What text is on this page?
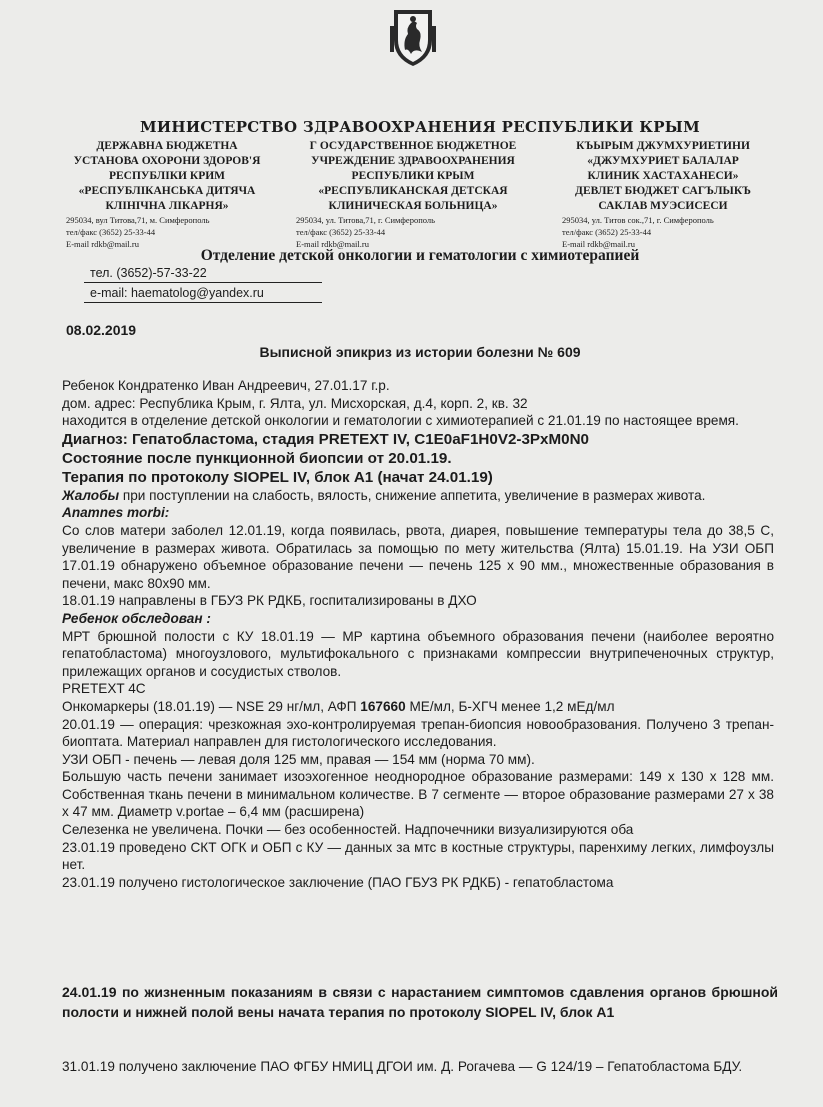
МИНИСТЕРСТВО ЗДРАВООХРАНЕНИЯ РЕСПУБЛИКИ КРЫМ
ДЕРЖАВНА БЮДЖЕТНА
УСТАНОВА ОХОРОНИ ЗДОРОВ'Я
РЕСПУБЛІКИ КРИМ
«РЕСПУБЛІКАНСЬКА ДИТЯЧА
КЛІНІЧНА ЛІКАРНЯ»
295034, вул Титова,71, м. Симферополь
тел/факс (3652) 25-33-44
E-mail rdkb@mail.ru
Г ОСУДАРСТВЕННОЕ БЮДЖЕТНОЕ
УЧРЕЖДЕНИЕ ЗДРАВООХРАНЕНИЯ
РЕСПУБЛИКИ КРЫМ
«РЕСПУБЛИКАНСКАЯ ДЕТСКАЯ
КЛИНИЧЕСКАЯ БОЛЬНИЦА»
295034, ул. Титова,71, г. Симферополь
тел/факс (3652) 25-33-44
E-mail rdkb@mail.ru
КЪЫРЫМ ДЖУМХУРИЕТИНИ
«ДЖУМХУРИЕТ БАЛАЛАР
КЛИНИК ХАСТАХАНЕСИ»
ДЕВЛЕТ БЮДЖЕТ САГЪЛЫКЪ
САКЛАВ МУЭСИСЕСИ
295034, ул. Титов сок.,71, г. Симферополь
тел/факс (3652) 25-33-44
E-mail rdkb@mail.ru
Отделение детской онкологии и гематологии с химиотерапией
тел. (3652)-57-33-22
e-mail: haematolog@yandex.ru
08.02.2019
Выписной эпикриз из истории болезни № 609

Ребенок Кондратенко Иван Андреевич, 27.01.17 г.р.

дом. адрес: Республика Крым, г. Ялта, ул. Мисхорская, д.4, корп. 2, кв. 32

находится в отделение детской онкологии и гематологии с химиотерапией с 21.01.19 по настоящее время.

Диагноз: Гепатобластома, стадия PRETEXT IV, C1E0aF1H0V2-3PxM0N0

Состояние после пункционной биопсии от 20.01.19.

Терапия по протоколу SIOPEL IV, блок А1 (начат 24.01.19)

Жалобы при поступлении на слабость, вялость, снижение аппетита, увеличение в размерах живота.

Anamnes morbi:

Со слов матери заболел 12.01.19, когда появилась, рвота, диарея, повышение температуры тела до 38,5 С, увеличение в размерах живота. Обратилась за помощью по мету жительства (Ялта) 15.01.19. На УЗИ ОБП 17.01.19 обнаружено объемное образование печени — печень 125 х 90 мм., множественные образования в печени, макс 80х90 мм.

18.01.19 направлены в ГБУЗ РК РДКБ, госпитализированы в ДХО

Ребенок обследован :

МРТ брюшной полости с КУ 18.01.19 — МР картина объемного образования печени (наиболее вероятно гепатобластома) многоузлового, мультифокального с признаками компрессии внутрипеченочных структур, прилежащих органов и сосудистых стволов.

PRETEXT 4C

Онкомаркеры (18.01.19) — NSE 29 нг/мл, АФП 167660 МЕ/мл, Б-ХГЧ менее 1,2 мЕд/мл

20.01.19 — операция: чрезкожная эхо-контролируемая трепан-биопсия новообразования. Получено 3 трепан-биоптата. Материал направлен для гистологического исследования.

УЗИ ОБП - печень — левая доля 125 мм, правая — 154 мм (норма 70 мм).

Большую часть печени занимает изоэхогенное неоднородное образование размерами: 149 х 130 х 128 мм. Собственная ткань печени в минимальном количестве. В 7 сегменте — второе образование размерами 27 х 38 х 47 мм. Диаметр v.portae – 6,4 мм (расширена)

Селезенка не увеличена. Почки — без особенностей. Надпочечники визуализируются оба

23.01.19 проведено СКТ ОГК и ОБП с КУ — данных за мтс в костные структуры, паренхиму легких, лимфоузлы нет.

23.01.19 получено гистологическое заключение (ПАО ГБУЗ РК РДКБ) - гепатобластома

24.01.19 по жизненным показаниям в связи с нарастанием симптомов сдавления органов брюшной полости и нижней полой вены начата терапия по протоколу SIOPEL IV, блок А1
31.01.19 получено заключение ПАО ФГБУ НМИЦ ДГОИ им. Д. Рогачева — G 124/19 – Гепатобластома БДУ.
